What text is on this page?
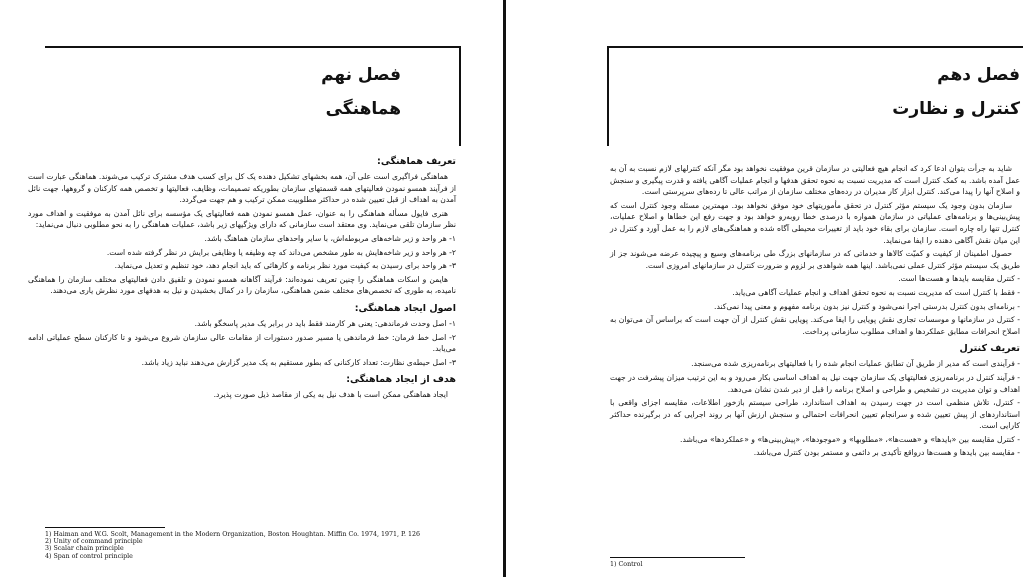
فصل نهم
هماهنگی
تعریف هماهنگی:

هماهنگی فراگیری است علی آن، همه بخشهای تشکیل دهنده یک کل برای کسب هدف مشترک ترکیب می‌شوند. هماهنگی عبارت است از فرآیند همسو نمودن فعالیتهای همه قسمتهای سازمان بطوریکه تصمیمات، وظایف، فعالیتها و تخصص همه کارکنان و گروهها، جهت نائل آمدن به اهداف از قبل تعیین شده در حداکثر مطلوبیت ممکن ترکیب و هم جهت می‌گردد.

هنری فایول مسأله هماهنگی را به عنوان، عمل همسو نمودن همه فعالیتهای یک مؤسسه برای نائل آمدن به موفقیت و اهداف مورد نظر سازمان تلقی می‌نماید. وی معتقد است سازمانی که دارای ویژگیهای زیر باشد، عملیات هماهنگی را به نحو مطلوبی دنبال می‌نماید:

۱- هر واحد و زیر شاخه‌های مربوطه‌اش، با سایر واحدهای سازمان هماهنگ باشد.

۲- هر واحد و زیر شاخه‌هایش به طور مشخص می‌داند که چه وظیفه یا وظایفی برایش در نظر گرفته شده است.

۳- هر واحد برای رسیدن به کیفیت مورد نظر برنامه و کارهائی که باید انجام دهد، خود تنظیم و تعدیل می‌نماید.

هایمن و اسکات هماهنگی را چنین تعریف نموده‌اند: فرآیند آگاهانه همسو نمودن و تلفیق دادن فعالیتهای مختلف سازمان را هماهنگی نامیده، به طوری که تخصص‌های مختلف ضمن هماهنگی، سازمان را در کمال بخشیدن و نیل به هدفهای مورد نظرش یاری می‌دهند.

اصول ایجاد هماهنگی:

۱- اصل وحدت فرماندهی: یعنی هر کارمند فقط باید در برابر یک مدیر پاسخگو باشد.

۲- اصل خط فرمان: خط فرماندهی یا مسیر صدور دستورات از مقامات عالی سازمان شروع می‌شود و تا کارکنان سطح عملیاتی ادامه می‌یابد.

۳- اصل حیطه‌ی نظارت: تعداد کارکنانی که بطور مستقیم به یک مدیر گزارش می‌دهند نباید زیاد باشد.

هدف از ایجاد هماهنگی:

ایجاد هماهنگی ممکن است با هدف نیل به یکی از مقاصد ذیل صورت پذیرد.

1) Haiman and W.G. Scolt, Management in the Modern Organization, Boston Houghtan. Miffin Co. 1974, 1971, P. 126
2) Unity of command principle
3) Scalar chain principle
4) Span of control principle
فصل دهم
کنترل و نظارت

شاید به جرأت بتوان ادعا کرد که انجام هیچ فعالیتی در سازمان قرین موفقیت نخواهد بود مگر آنکه کنترلهای لازم نسبت به آن به عمل آمده باشد. به کمک کنترل است که مدیریت نسبت به نحوه تحقق هدفها و انجام عملیات آگاهی یافته و قدرت پیگیری و سنجش و اصلاح آنها را پیدا می‌کند. کنترل ابزار کار مدیران در رده‌های مختلف سازمان از مراتب عالی تا رده‌های سرپرستی است.

سازمان بدون وجود یک سیستم مؤثر کنترل در تحقق مأموریتهای خود موفق نخواهد بود. مهمترین مسئله وجود کنترل است که پیش‌بینی‌ها و برنامه‌های عملیاتی در سازمان همواره با درصدی خطا روبه‌رو خواهد بود و جهت رفع این خطاها و اصلاح عملیات، کنترل تنها راه چاره است. سازمان برای بقاء خود باید از تغییرات محیطی آگاه شده و هماهنگی‌های لازم را به عمل آورد و کنترل در این میان نقش آگاهی دهنده را ایفا می‌نماید.

حصول اطمینان از کیفیت و کمیّت کالاها و خدماتی که در سازمانهای بزرگ طی برنامه‌های وسیع و پیچیده عرضه می‌شوند جز از طریق یک سیستم مؤثر کنترل عملی نمی‌باشد. اینها همه شواهدی بر لزوم و ضرورت کنترل در سازمانهای امروزی است.

- کنترل مقایسه بایدها و هست‌ها است.

- فقط با کنترل است که مدیریت نسبت به نحوه تحقق اهداف و انجام عملیات آگاهی می‌یابد.

- برنامه‌ای بدون کنترل بدرستی اجرا نمی‌شود و کنترل نیز بدون برنامه مفهوم و معنی پیدا نمی‌کند.

- کنترل در سازمانها و موسسات تجاری نقش پویایی را ایفا می‌کند. پویایی نقش کنترل از آن جهت است که براساس آن می‌توان به اصلاح انحرافات مطابق عملکردها و اهداف مطلوب سازمانی پرداخت.

تعریف کنترل

- فرآیندی است که مدیر از طریق آن تطابق عملیات انجام شده را با فعالیتهای برنامه‌ریزی شده می‌سنجد.

- فرآیند کنترل در برنامه‌ریزی فعالیتهای یک سازمان جهت نیل به اهداف اساسی بکار می‌رود و به این ترتیب میزان پیشرفت در جهت اهداف و توان مدیریت در تشخیص و طراحی و اصلاح برنامه را قبل از دیر شدن نشان می‌دهد.

- کنترل، تلاش منظمی است در جهت رسیدن به اهداف استاندارد، طراحی سیستم بازخور اطلاعات، مقایسه اجزای واقعی با استانداردهای از پیش تعیین شده و سرانجام تعیین انحرافات احتمالی و سنجش ارزش آنها بر روند اجرایی که در برگیرنده حداکثر کارایی است.

- کنترل مقایسه بین «بایدها» و «هست‌ها»، «مطلوبها» و «موجودها»، «پیش‌بینی‌ها» و «عملکردها» می‌باشد.

- مقایسه بین بایدها و هست‌ها درواقع تأکیدی بر دائمی و مستمر بودن کنترل می‌باشد.

1) Control
